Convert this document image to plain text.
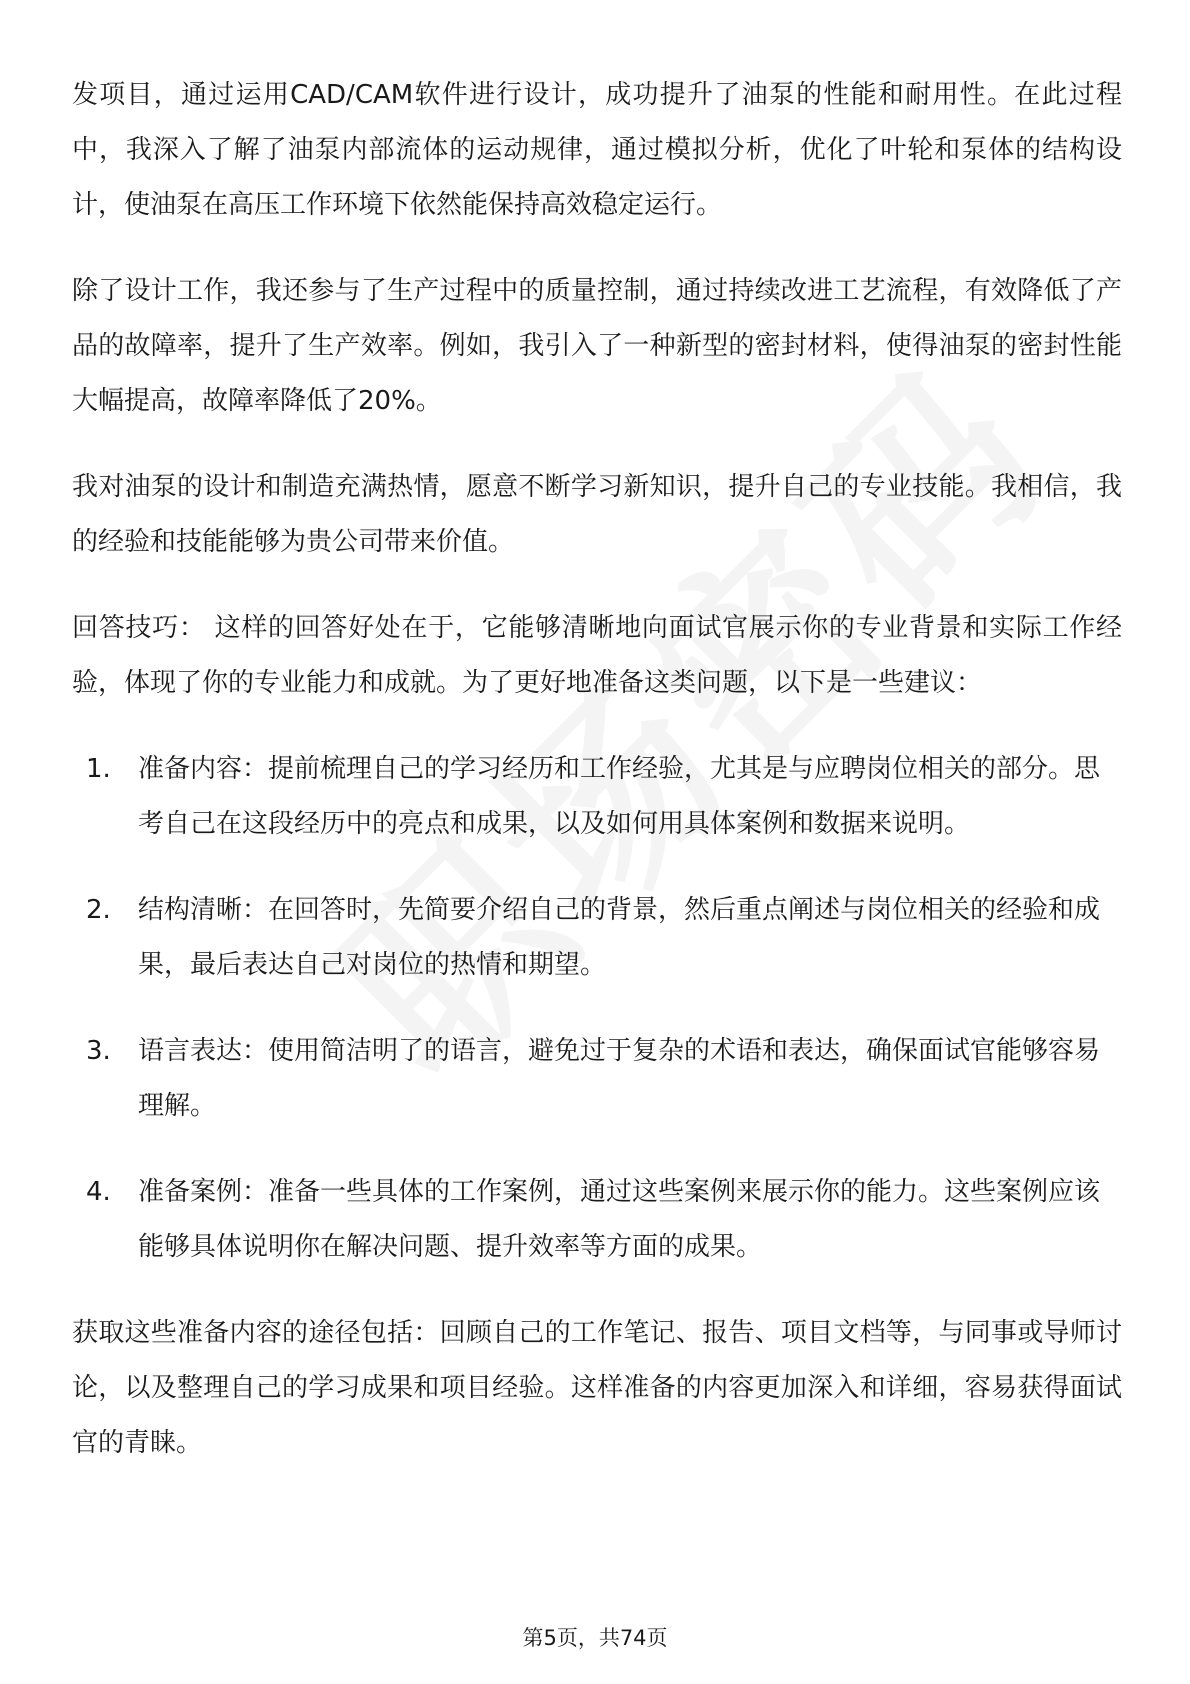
发项目，通过运用CAD/CAM软件进行设计，成功提升了油泵的性能和耐用性。在此过程中，我深入了解了油泵内部流体的运动规律，通过模拟分析，优化了叶轮和泵体的结构设计，使油泵在高压工作环境下依然能保持高效稳定运行。

除了设计工作，我还参与了生产过程中的质量控制，通过持续改进工艺流程，有效降低了产品的故障率，提升了生产效率。例如，我引入了一种新型的密封材料，使得油泵的密封性能大幅提高，故障率降低了20%。

我对油泵的设计和制造充满热情，愿意不断学习新知识，提升自己的专业技能。我相信，我的经验和技能能够为贵公司带来价值。

回答技巧： 这样的回答好处在于，它能够清晰地向面试官展示你的专业背景和实际工作经验，体现了你的专业能力和成就。为了更好地准备这类问题，以下是一些建议：

1.	准备内容：提前梳理自己的学习经历和工作经验，尤其是与应聘岗位相关的部分。思考自己在这段经历中的亮点和成果，以及如何用具体案例和数据来说明。
2.	结构清晰：在回答时，先简要介绍自己的背景，然后重点阐述与岗位相关的经验和成果，最后表达自己对岗位的热情和期望。
3.	语言表达：使用简洁明了的语言，避免过于复杂的术语和表达，确保面试官能够容易理解。
4.	准备案例：准备一些具体的工作案例，通过这些案例来展示你的能力。这些案例应该能够具体说明你在解决问题、提升效率等方面的成果。

获取这些准备内容的途径包括：回顾自己的工作笔记、报告、项目文档等，与同事或导师讨论，以及整理自己的学习成果和项目经验。这样准备的内容更加深入和详细，容易获得面试官的青睐。

第5页，共74页
